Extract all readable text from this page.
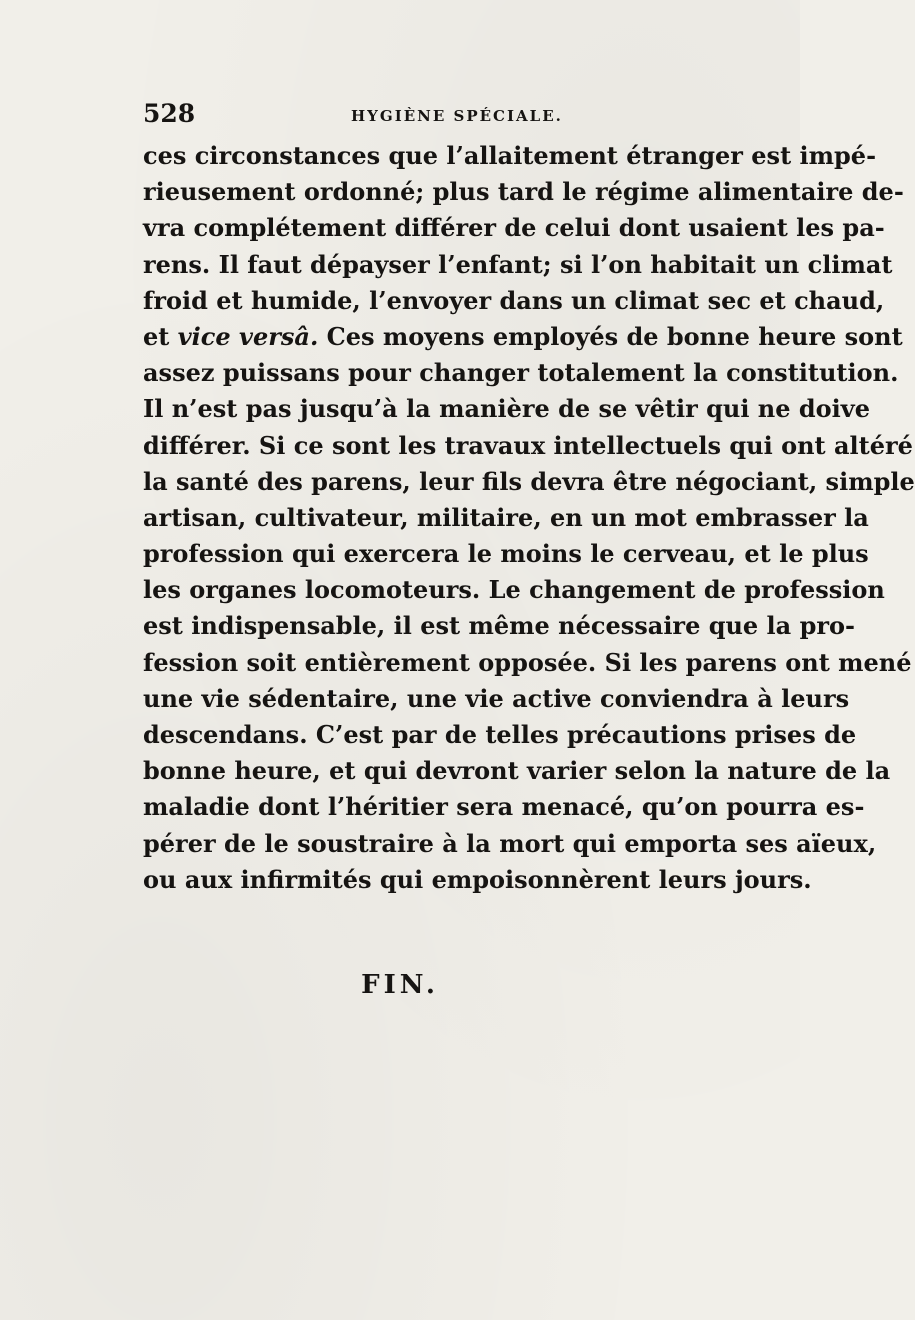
528	HYGIÈNE SPÉCIALE.
ces circonstances que l’allaitement étranger est impé-
rieusement ordonné; plus tard le régime alimentaire de-
vra complétement différer de celui dont usaient les pa-
rens. Il faut dépayser l’enfant; si l’on habitait un climat
froid et humide, l’envoyer dans un climat sec et chaud,
et vice versâ. Ces moyens employés de bonne heure sont
assez puissans pour changer totalement la constitution.
Il n’est pas jusqu’à la manière de se vêtir qui ne doive
différer. Si ce sont les travaux intellectuels qui ont altéré
la santé des parens, leur fils devra être négociant, simple
artisan, cultivateur, militaire, en un mot embrasser la
profession qui exercera le moins le cerveau, et le plus
les organes locomoteurs. Le changement de profession
est indispensable, il est même nécessaire que la pro-
fession soit entièrement opposée. Si les parens ont mené
une vie sédentaire, une vie active conviendra à leurs
descendans. C’est par de telles précautions prises de
bonne heure, et qui devront varier selon la nature de la
maladie dont l’héritier sera menacé, qu’on pourra es-
pérer de le soustraire à la mort qui emporta ses aïeux,
ou aux infirmités qui empoisonnèrent leurs jours.
FIN.
